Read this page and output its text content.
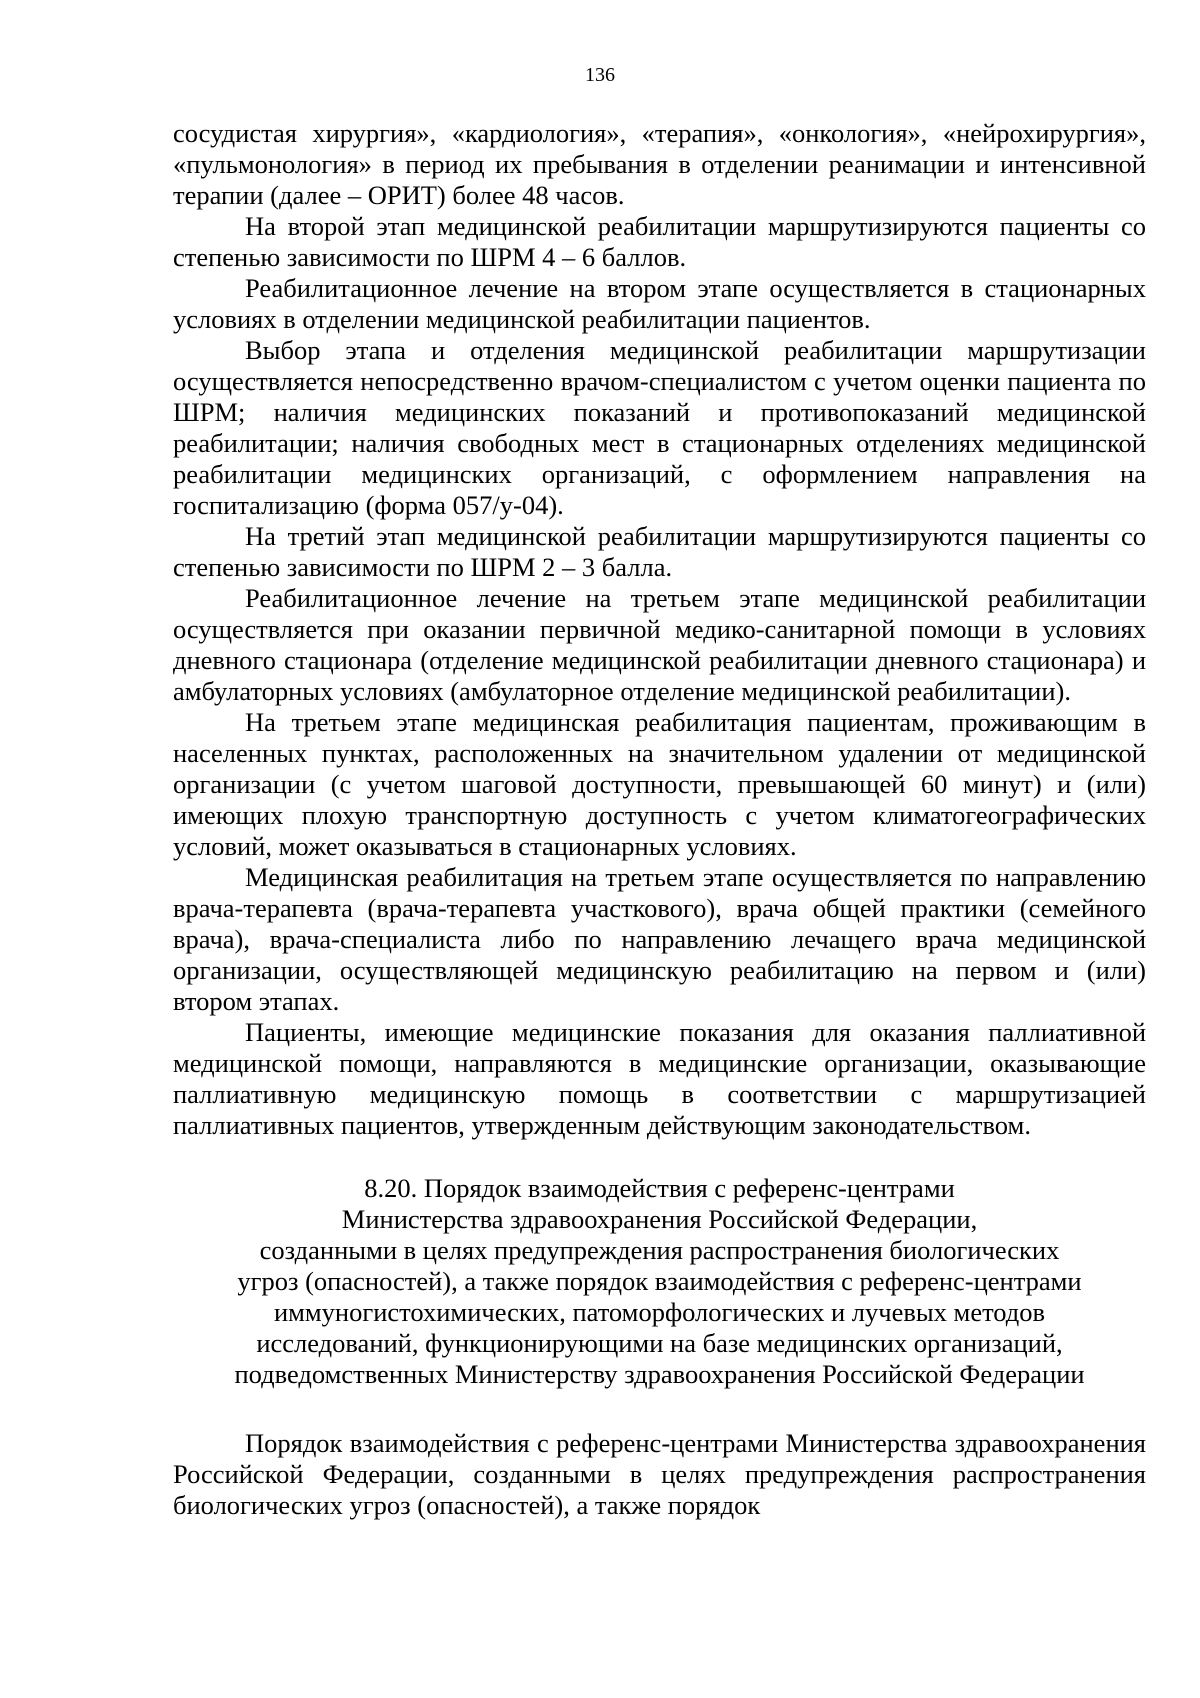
136

сосудистая хирургия», «кардиология», «терапия», «онкология», «нейрохирургия», «пульмонология» в период их пребывания в отделении реанимации и интенсивной терапии (далее – ОРИТ) более 48 часов.

На второй этап медицинской реабилитации маршрутизируются пациенты со степенью зависимости по ШРМ 4 – 6 баллов.

Реабилитационное лечение на втором этапе осуществляется в стационарных условиях в отделении медицинской реабилитации пациентов.

Выбор этапа и отделения медицинской реабилитации маршрутизации осуществляется непосредственно врачом-специалистом с учетом оценки пациента по ШРМ; наличия медицинских показаний и противопоказаний медицинской реабилитации; наличия свободных мест в стационарных отделениях медицинской реабилитации медицинских организаций, с оформлением направления на госпитализацию (форма 057/у-04).

На третий этап медицинской реабилитации маршрутизируются пациенты со степенью зависимости по ШРМ 2 – 3 балла.

Реабилитационное лечение на третьем этапе медицинской реабилитации осуществляется при оказании первичной медико-санитарной помощи в условиях дневного стационара (отделение медицинской реабилитации дневного стационара) и амбулаторных условиях (амбулаторное отделение медицинской реабилитации).

На третьем этапе медицинская реабилитация пациентам, проживающим в населенных пунктах, расположенных на значительном удалении от медицинской организации (с учетом шаговой доступности, превышающей 60 минут) и (или) имеющих плохую транспортную доступность с учетом климатогеографических условий, может оказываться в стационарных условиях.

Медицинская реабилитация на третьем этапе осуществляется по направлению врача-терапевта (врача-терапевта участкового), врача общей практики (семейного врача), врача-специалиста либо по направлению лечащего врача медицинской организации, осуществляющей медицинскую реабилитацию на первом и (или) втором этапах.

Пациенты, имеющие медицинские показания для оказания паллиативной медицинской помощи, направляются в медицинские организации, оказывающие паллиативную медицинскую помощь в соответствии с маршрутизацией паллиативных пациентов, утвержденным действующим законодательством.

8.20. Порядок взаимодействия с референс-центрами
Министерства здравоохранения Российской Федерации,
созданными в целях предупреждения распространения биологических
угроз (опасностей), а также порядок взаимодействия с референс-центрами
иммуногистохимических, патоморфологических и лучевых методов
исследований, функционирующими на базе медицинских организаций,
подведомственных Министерству здравоохранения Российской Федерации

Порядок взаимодействия с референс-центрами Министерства здравоохранения Российской Федерации, созданными в целях предупреждения распространения биологических угроз (опасностей), а также порядок
